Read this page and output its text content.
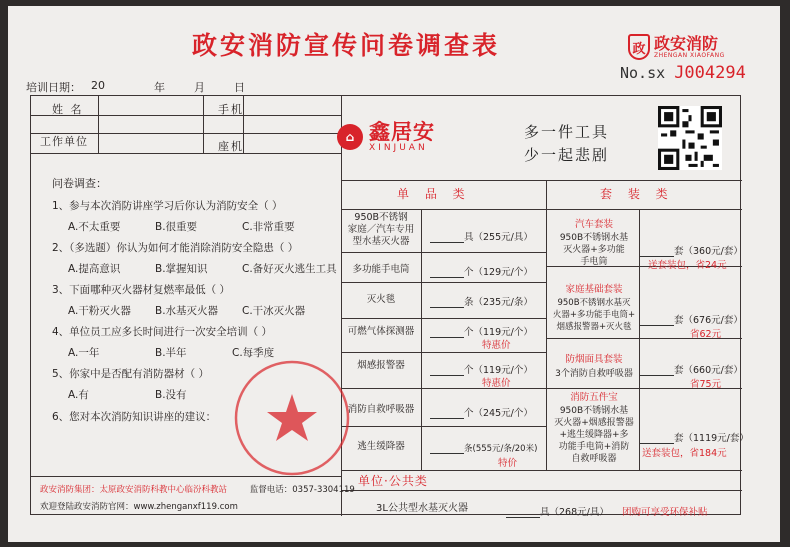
政安消防宣传问卷调查表	政 政安消防
ZHENGAN XIAOFANG
No.sx J004294
培训日期： 20	年	月	日
姓 名	手机
工作单位	座机
问卷调查：
1、参与本次消防讲座学习后你认为消防安全（ ）
A.不太重要	B.很重要	C.非常重要
2、（多选题）你认为如何才能消除消防安全隐患（ ）
A.提高意识	B.掌握知识	C.备好灭火逃生工具
3、下面哪种灭火器材复燃率最低（ ）
A.干粉灭火器 B.水基灭火器 C.干冰灭火器
4、单位员工应多长时间进行一次安全培训（ ）
A.一年	B.半年	C.每季度
5、你家中是否配有消防器材（ ）
A.有	B.没有
6、您对本次消防知识讲座的建议：
政安消防集团：太原政安消防科教中心临汾科教站	监督电话：0357-3304119
欢迎登陆政安消防官网：www.zhenganxf119.com
⌂ 鑫居安
XINJUAN
多一件工具
少一起悲剧
单 品 类	套 装 类
950B不锈钢
家庭／汽车专用
型水基灭火器	具（255元/具）
多功能手电筒	个（129元/个）
灭火毯	条（235元/条）
可燃气体探测器	个（119元/个）
特惠价
烟感报警器	个（119元/个）
特惠价
消防自救呼吸器	个（245元/个）
逃生缓降器	条(555元/条/20米)
特价
汽车套装
950B不锈钢水基
灭火器+多功能
手电筒
套（360元/套）
送套装包，省24元
家庭基础套装
950B不锈钢水基灭
火器+多功能手电筒+
烟感报警器+灭火毯
套（676元/套）
省62元
防烟面具套装
3个消防自救呼吸器	套（660元/套）
省75元
消防五件宝
950B不锈钢水基
灭火器+烟感报警器
+逃生缓降器+多
功能手电筒+消防
自救呼吸器
套（1119元/套）
送套装包，省184元
单位·公共类
3L公共型水基灭火器	具（268元/具） 团购可享受环保补贴
